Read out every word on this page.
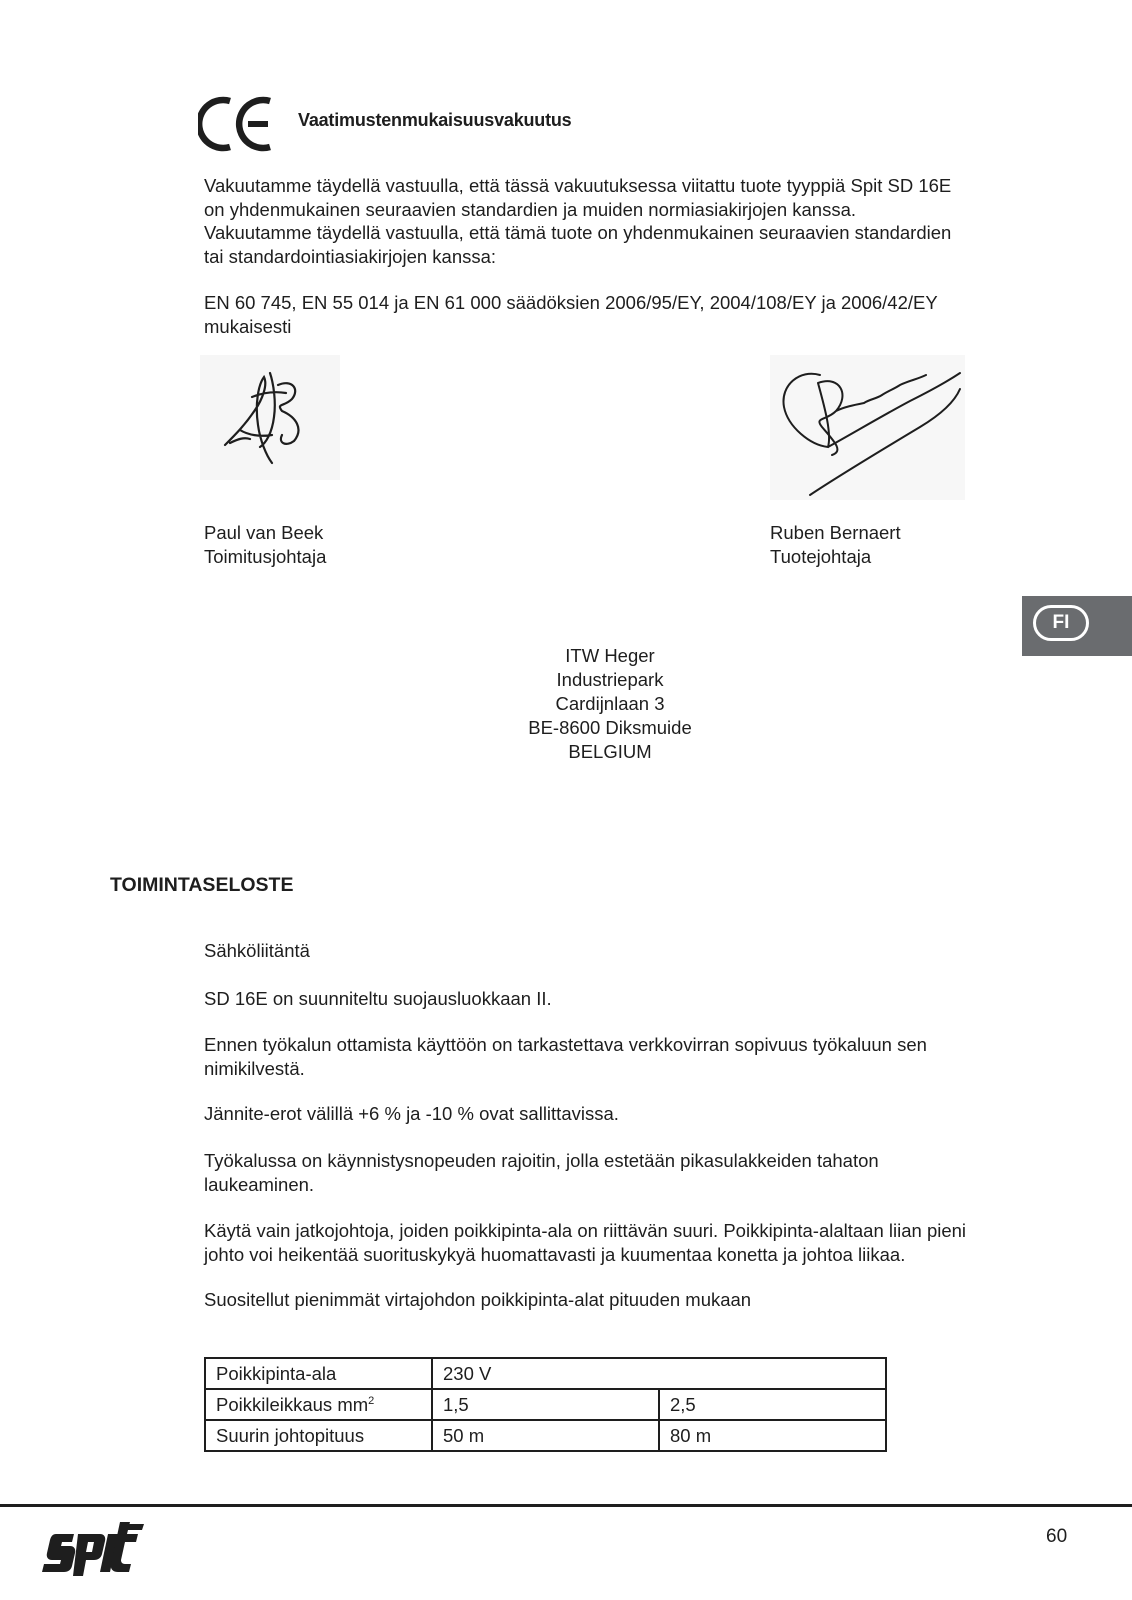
Vaatimustenmukaisuusvakuutus
Vakuutamme täydellä vastuulla, että tässä vakuutuksessa viitattu tuote tyyppiä Spit SD 16E
on yhdenmukainen seuraavien standardien ja muiden normiasiakirjojen kanssa.
Vakuutamme täydellä vastuulla, että tämä tuote on yhdenmukainen seuraavien standardien
tai standardointiasiakirjojen kanssa:
EN 60 745, EN 55 014 ja EN 61 000 säädöksien 2006/95/EY, 2004/108/EY ja 2006/42/EY
mukaisesti
Paul van Beek
Toimitusjohtaja
Ruben Bernaert
Tuotejohtaja
FI
ITW Heger
Industriepark
Cardijnlaan 3
BE-8600 Diksmuide
BELGIUM
TOIMINTASELOSTE
Sähköliitäntä
SD 16E on suunniteltu suojausluokkaan II.
Ennen työkalun ottamista käyttöön on tarkastettava verkkovirran sopivuus työkaluun sen
nimikilvestä.
Jännite-erot välillä +6 % ja -10 % ovat sallittavissa.
Työkalussa on käynnistysnopeuden rajoitin, jolla estetään pikasulakkeiden tahaton
laukeaminen.
Käytä vain jatkojohtoja, joiden poikkipinta-ala on riittävän suuri. Poikkipinta-alaltaan liian pieni
johto voi heikentää suorituskykyä huomattavasti ja kuumentaa konetta ja johtoa liikaa.
Suositellut pienimmät virtajohdon poikkipinta-alat pituuden mukaan
Poikkipinta-ala	230 V	
Poikkileikkaus $mm^2$	1,5	2,5
Suurin johtopituus	50 m	80 m
60
